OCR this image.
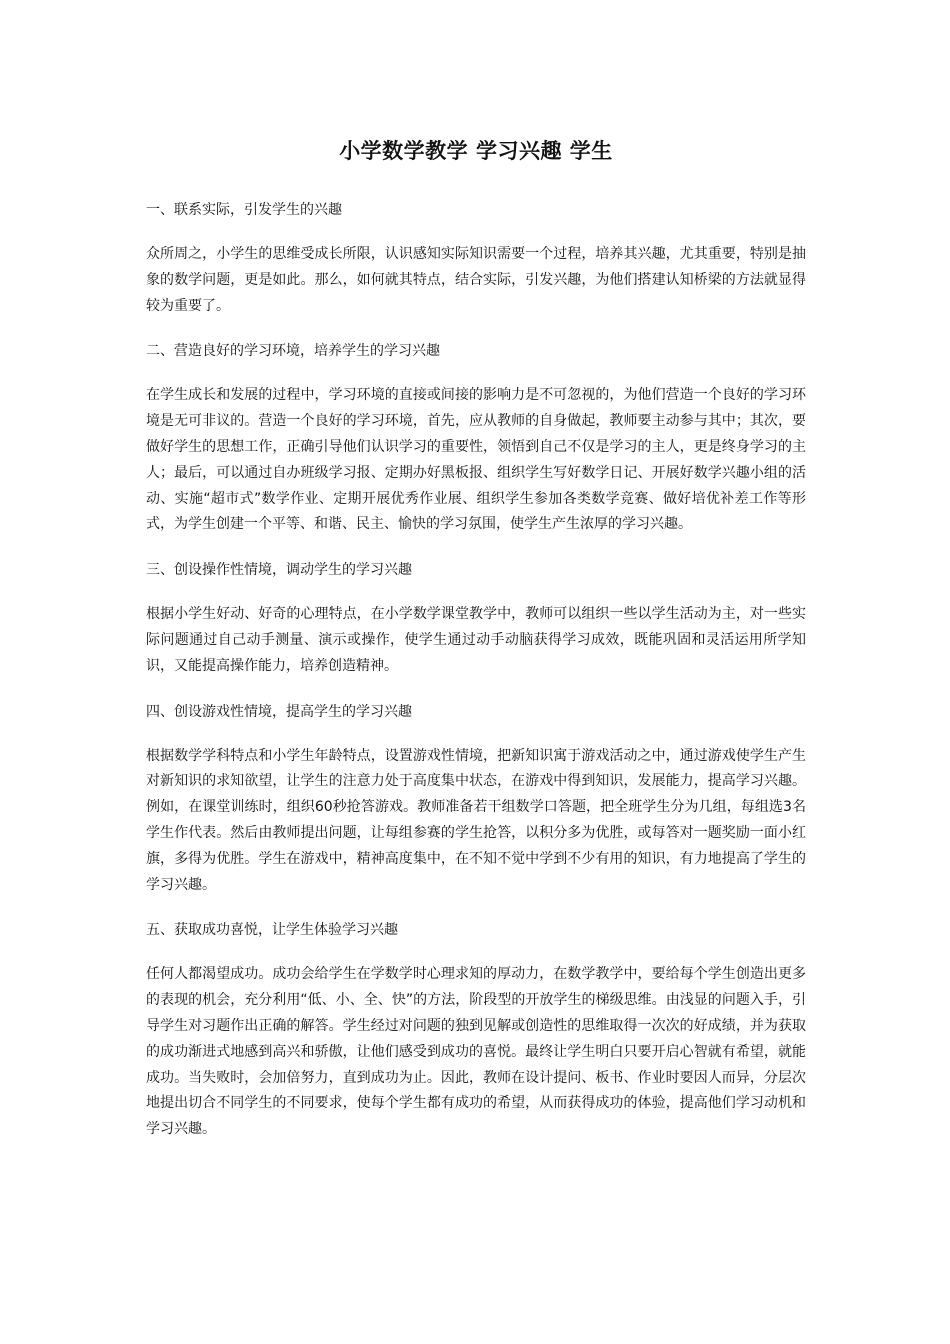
小学数学教学 学习兴趣 学生

一、联系实际，引发学生的兴趣

众所周之，小学生的思维受成长所限，认识感知实际知识需要一个过程，培养其兴趣，尤其重要，特别是抽象的数学问题，更是如此。那么，如何就其特点，结合实际，引发兴趣，为他们搭建认知桥梁的方法就显得较为重要了。

二、营造良好的学习环境，培养学生的学习兴趣

在学生成长和发展的过程中，学习环境的直接或间接的影响力是不可忽视的，为他们营造一个良好的学习环境是无可非议的。营造一个良好的学习环境，首先，应从教师的自身做起，教师要主动参与其中；其次，要做好学生的思想工作，正确引导他们认识学习的重要性，领悟到自己不仅是学习的主人，更是终身学习的主人；最后，可以通过自办班级学习报、定期办好黑板报、组织学生写好数学日记、开展好数学兴趣小组的活动、实施“超市式”数学作业、定期开展优秀作业展、组织学生参加各类数学竞赛、做好培优补差工作等形式，为学生创建一个平等、和谐、民主、愉快的学习氛围，使学生产生浓厚的学习兴趣。

三、创设操作性情境，调动学生的学习兴趣

根据小学生好动、好奇的心理特点，在小学数学课堂教学中，教师可以组织一些以学生活动为主，对一些实际问题通过自己动手测量、演示或操作，使学生通过动手动脑获得学习成效，既能巩固和灵活运用所学知识，又能提高操作能力，培养创造精神。

四、创设游戏性情境，提高学生的学习兴趣

根据数学学科特点和小学生年龄特点，设置游戏性情境，把新知识寓于游戏活动之中，通过游戏使学生产生对新知识的求知欲望，让学生的注意力处于高度集中状态，在游戏中得到知识，发展能力，提高学习兴趣。例如，在课堂训练时，组织60秒抢答游戏。教师准备若干组数学口答题，把全班学生分为几组，每组选3名学生作代表。然后由教师提出问题，让每组参赛的学生抢答，以积分多为优胜，或每答对一题奖励一面小红旗，多得为优胜。学生在游戏中，精神高度集中，在不知不觉中学到不少有用的知识，有力地提高了学生的学习兴趣。

五、获取成功喜悦，让学生体验学习兴趣

任何人都渴望成功。成功会给学生在学数学时心理求知的厚动力，在数学教学中，要给每个学生创造出更多的表现的机会，充分利用“低、小、全、快”的方法，阶段型的开放学生的梯级思维。由浅显的问题入手，引导学生对习题作出正确的解答。学生经过对问题的独到见解或创造性的思维取得一次次的好成绩，并为获取的成功渐进式地感到高兴和骄傲，让他们感受到成功的喜悦。最终让学生明白只要开启心智就有希望，就能成功。当失败时，会加倍努力，直到成功为止。因此，教师在设计提问、板书、作业时要因人而异，分层次地提出切合不同学生的不同要求，使每个学生都有成功的希望，从而获得成功的体验，提高他们学习动机和学习兴趣。
